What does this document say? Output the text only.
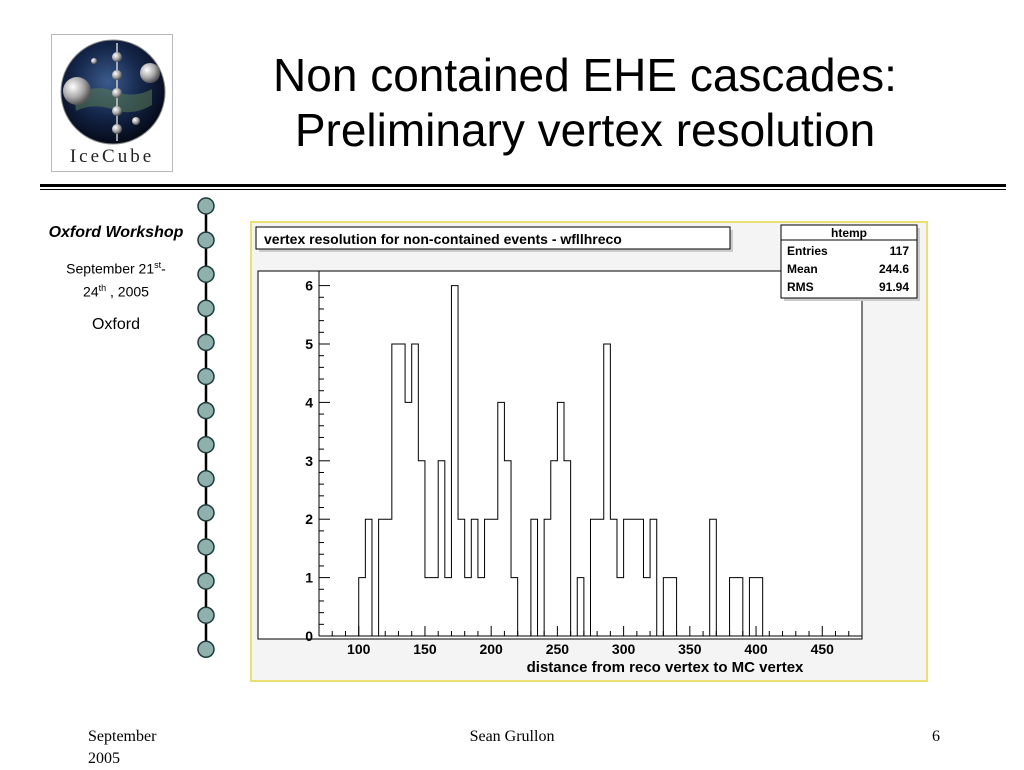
IceCube
Non contained EHE cascades:
Preliminary vertex resolution
Oxford Workshop
September 21st-
24th , 2005
Oxford
vertex resolution for non-contained events - wfllhreco	htemp
Entries	117
Mean	244.6
RMS	91.94
100	150	200	250	300	350	400	450
0
1
2
3
4
5
6
distance from reco vertex to MC vertex
September 2005
Sean Grullon	6
